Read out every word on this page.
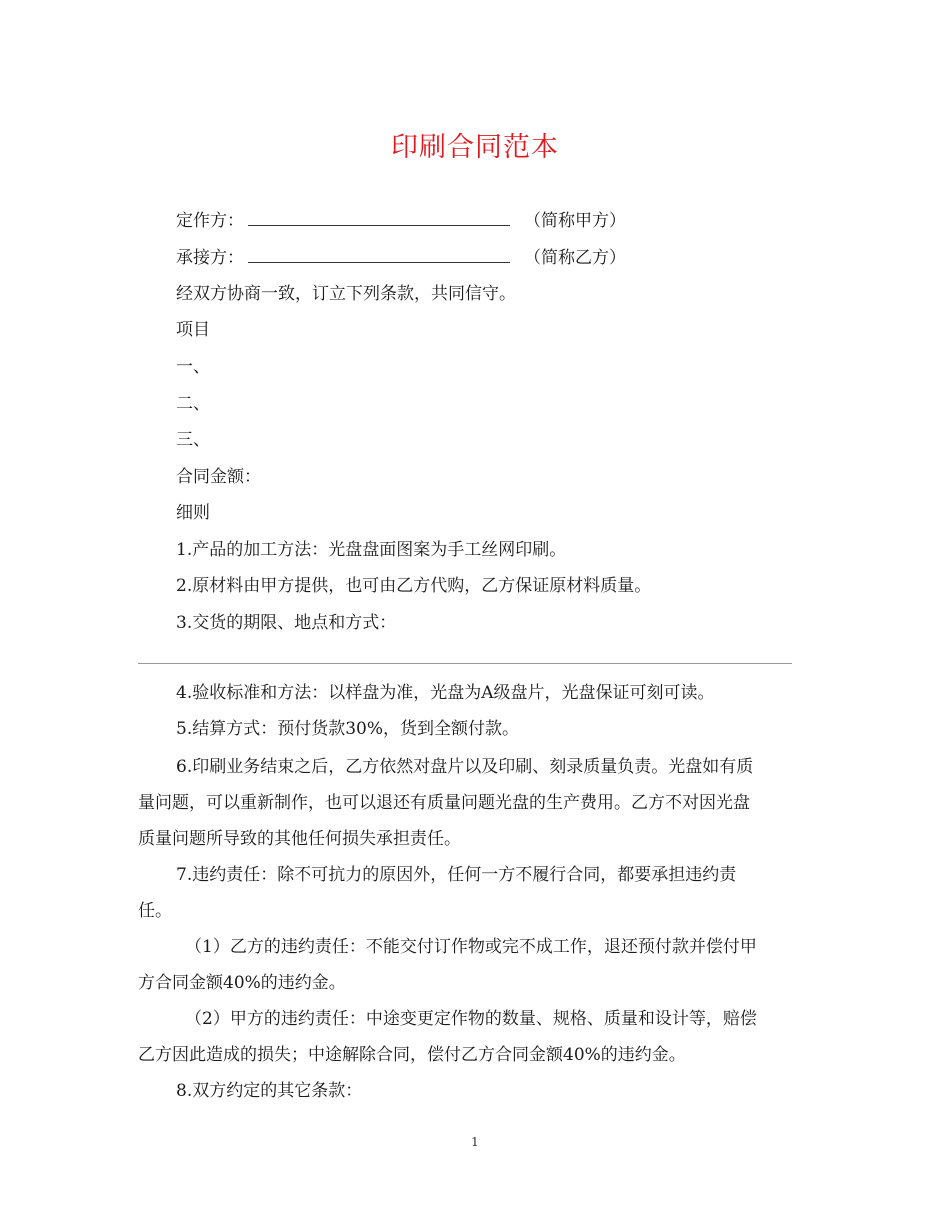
印刷合同范本
定作方：	（简称甲方）
承接方：	（简称乙方）
经双方协商一致，订立下列条款，共同信守。
项目
一、
二、
三、
合同金额：
细则
1.产品的加工方法：光盘盘面图案为手工丝网印刷。
2.原材料由甲方提供，也可由乙方代购，乙方保证原材料质量。
3.交货的期限、地点和方式：
4.验收标准和方法：以样盘为准，光盘为A级盘片，光盘保证可刻可读。
5.结算方式：预付货款30%，货到全额付款。
6.印刷业务结束之后，乙方依然对盘片以及印刷、刻录质量负责。光盘如有质
量问题，可以重新制作，也可以退还有质量问题光盘的生产费用。乙方不对因光盘
质量问题所导致的其他任何损失承担责任。
7.违约责任：除不可抗力的原因外，任何一方不履行合同，都要承担违约责
任。
（1）乙方的违约责任：不能交付订作物或完不成工作，退还预付款并偿付甲
方合同金额40%的违约金。
（2）甲方的违约责任：中途变更定作物的数量、规格、质量和设计等，赔偿
乙方因此造成的损失；中途解除合同，偿付乙方合同金额40%的违约金。
8.双方约定的其它条款：
1
